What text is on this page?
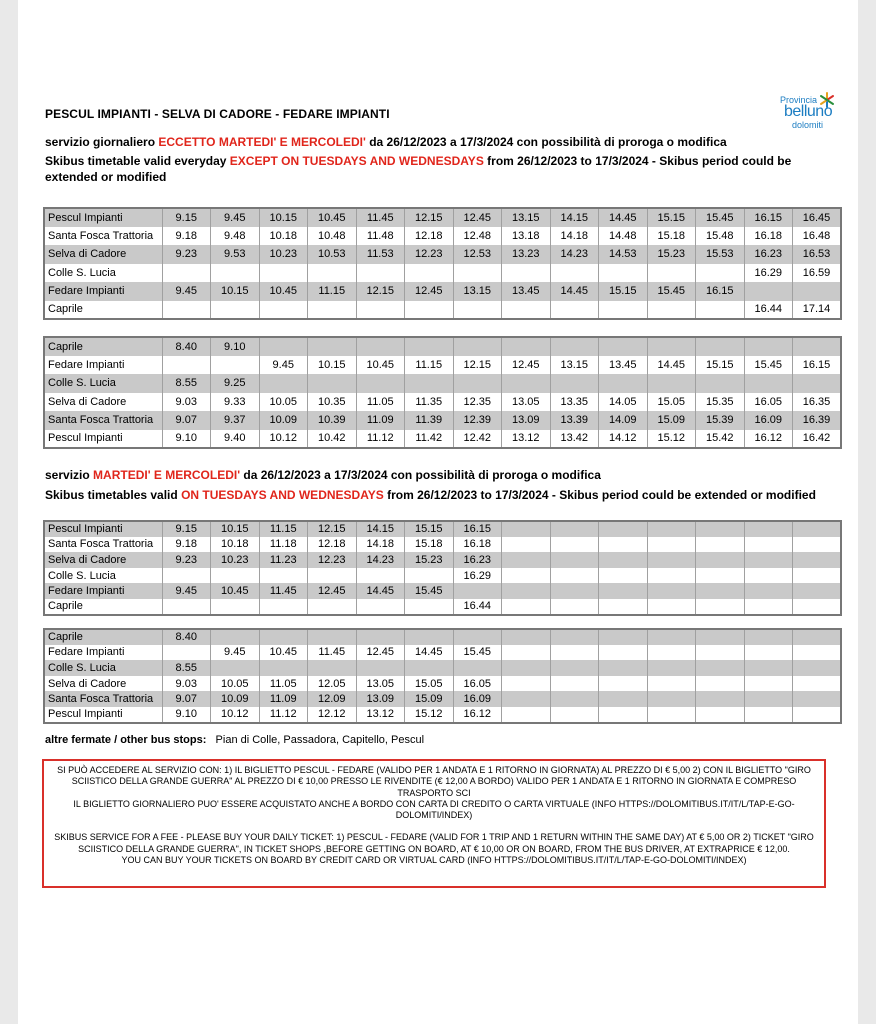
Provincia
belluno
dolomiti
PESCUL IMPIANTI - SELVA DI CADORE - FEDARE IMPIANTI
servizio giornaliero ECCETTO MARTEDI' E MERCOLEDI' da 26/12/2023 a 17/3/2024 con possibilità di proroga o modifica
Skibus timetable valid everyday EXCEPT ON TUESDAYS AND WEDNESDAYS from 26/12/2023 to 17/3/2024 - Skibus period could be extended or modified
Pescul Impianti	9.15	9.45	10.15	10.45	11.45	12.15	12.45	13.15	14.15	14.45	15.15	15.45	16.15	16.45
Santa Fosca Trattoria	9.18	9.48	10.18	10.48	11.48	12.18	12.48	13.18	14.18	14.48	15.18	15.48	16.18	16.48
Selva di Cadore	9.23	9.53	10.23	10.53	11.53	12.23	12.53	13.23	14.23	14.53	15.23	15.53	16.23	16.53
Colle S. Lucia													16.29	16.59
Fedare Impianti	9.45	10.15	10.45	11.15	12.15	12.45	13.15	13.45	14.45	15.15	15.45	16.15		
Caprile													16.44	17.14
Caprile	8.40	9.10												
Fedare Impianti			9.45	10.15	10.45	11.15	12.15	12.45	13.15	13.45	14.45	15.15	15.45	16.15
Colle S. Lucia	8.55	9.25												
Selva di Cadore	9.03	9.33	10.05	10.35	11.05	11.35	12.35	13.05	13.35	14.05	15.05	15.35	16.05	16.35
Santa Fosca Trattoria	9.07	9.37	10.09	10.39	11.09	11.39	12.39	13.09	13.39	14.09	15.09	15.39	16.09	16.39
Pescul Impianti	9.10	9.40	10.12	10.42	11.12	11.42	12.42	13.12	13.42	14.12	15.12	15.42	16.12	16.42
servizio MARTEDI' E MERCOLEDI' da 26/12/2023 a 17/3/2024 con possibilità di proroga o modifica
Skibus timetables valid ON TUESDAYS AND WEDNESDAYS from 26/12/2023 to 17/3/2024 - Skibus period could be extended or modified
Pescul Impianti	9.15	10.15	11.15	12.15	14.15	15.15	16.15							
Santa Fosca Trattoria	9.18	10.18	11.18	12.18	14.18	15.18	16.18							
Selva di Cadore	9.23	10.23	11.23	12.23	14.23	15.23	16.23							
Colle S. Lucia							16.29							
Fedare Impianti	9.45	10.45	11.45	12.45	14.45	15.45								
Caprile							16.44							
Caprile	8.40													
Fedare Impianti		9.45	10.45	11.45	12.45	14.45	15.45							
Colle S. Lucia	8.55													
Selva di Cadore	9.03	10.05	11.05	12.05	13.05	15.05	16.05							
Santa Fosca Trattoria	9.07	10.09	11.09	12.09	13.09	15.09	16.09							
Pescul Impianti	9.10	10.12	11.12	12.12	13.12	15.12	16.12							
altre fermate / other bus stops: Pian di Colle, Passadora, Capitello, Pescul

SI PUÒ ACCEDERE AL SERVIZIO CON: 1) IL BIGLIETTO PESCUL - FEDARE (VALIDO PER 1 ANDATA E 1 RITORNO IN GIORNATA) AL PREZZO DI € 5,00 2) CON IL BIGLIETTO "GIRO SCIISTICO DELLA GRANDE GUERRA" AL PREZZO DI € 10,00 PRESSO LE RIVENDITE (€ 12,00 A BORDO) VALIDO PER 1 ANDATA E 1 RITORNO IN GIORNATA E COMPRESO TRASPORTO SCI

IL BIGLIETTO GIORNALIERO PUO' ESSERE ACQUISTATO ANCHE A BORDO CON CARTA DI CREDITO O CARTA VIRTUALE (INFO HTTPS://DOLOMITIBUS.IT/IT/L/TAP-E-GO-DOLOMITI/INDEX)

SKIBUS SERVICE FOR A FEE - PLEASE BUY YOUR DAILY TICKET: 1) PESCUL - FEDARE (VALID FOR 1 TRIP AND 1 RETURN WITHIN THE SAME DAY) AT € 5,00 OR 2) TICKET "GIRO SCIISTICO DELLA GRANDE GUERRA", IN TICKET SHOPS ,BEFORE GETTING ON BOARD, AT € 10,00 OR ON BOARD, FROM THE BUS DRIVER, AT EXTRAPRICE € 12,00.

YOU CAN BUY YOUR TICKETS ON BOARD BY CREDIT CARD OR VIRTUAL CARD (INFO HTTPS://DOLOMITIBUS.IT/IT/L/TAP-E-GO-DOLOMITI/INDEX)
